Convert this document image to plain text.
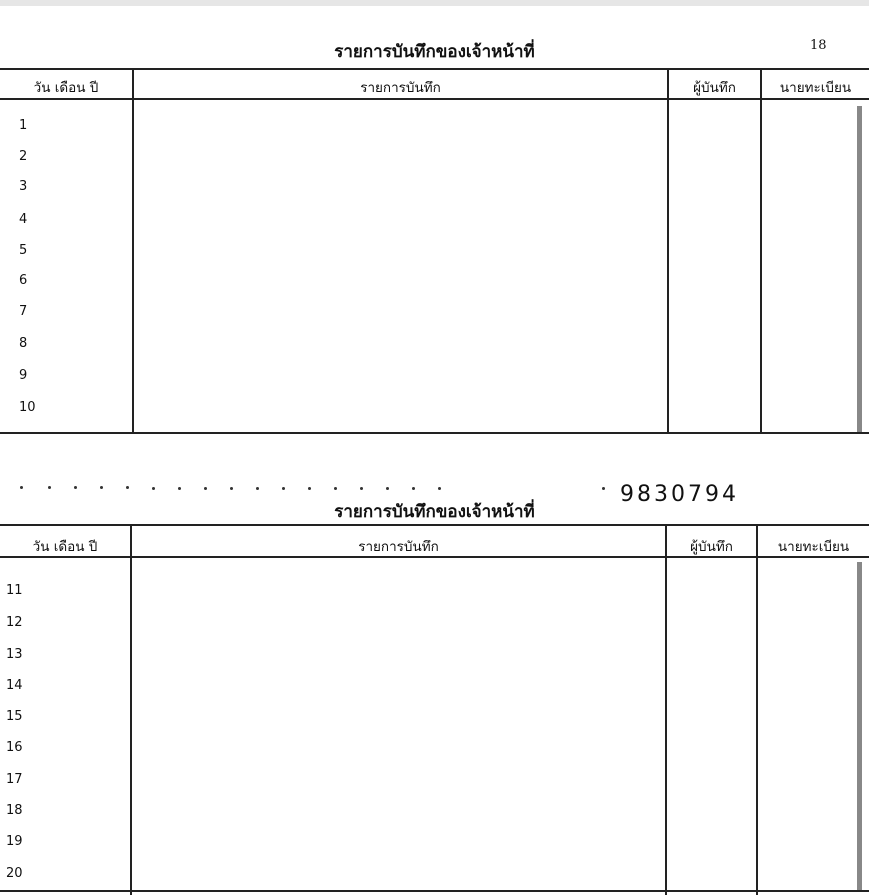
รายการบันทึกของเจ้าหน้าที่	18
วัน เดือน ปี	รายการบันทึก	ผู้บันทึก	นายทะเบียน
1
2
3
4
5
6
7
8
9
10
9830794
รายการบันทึกของเจ้าหน้าที่
วัน เดือน ปี	รายการบันทึก	ผู้บันทึก	นายทะเบียน
11
12
13
14
15
16
17
18
19
20
